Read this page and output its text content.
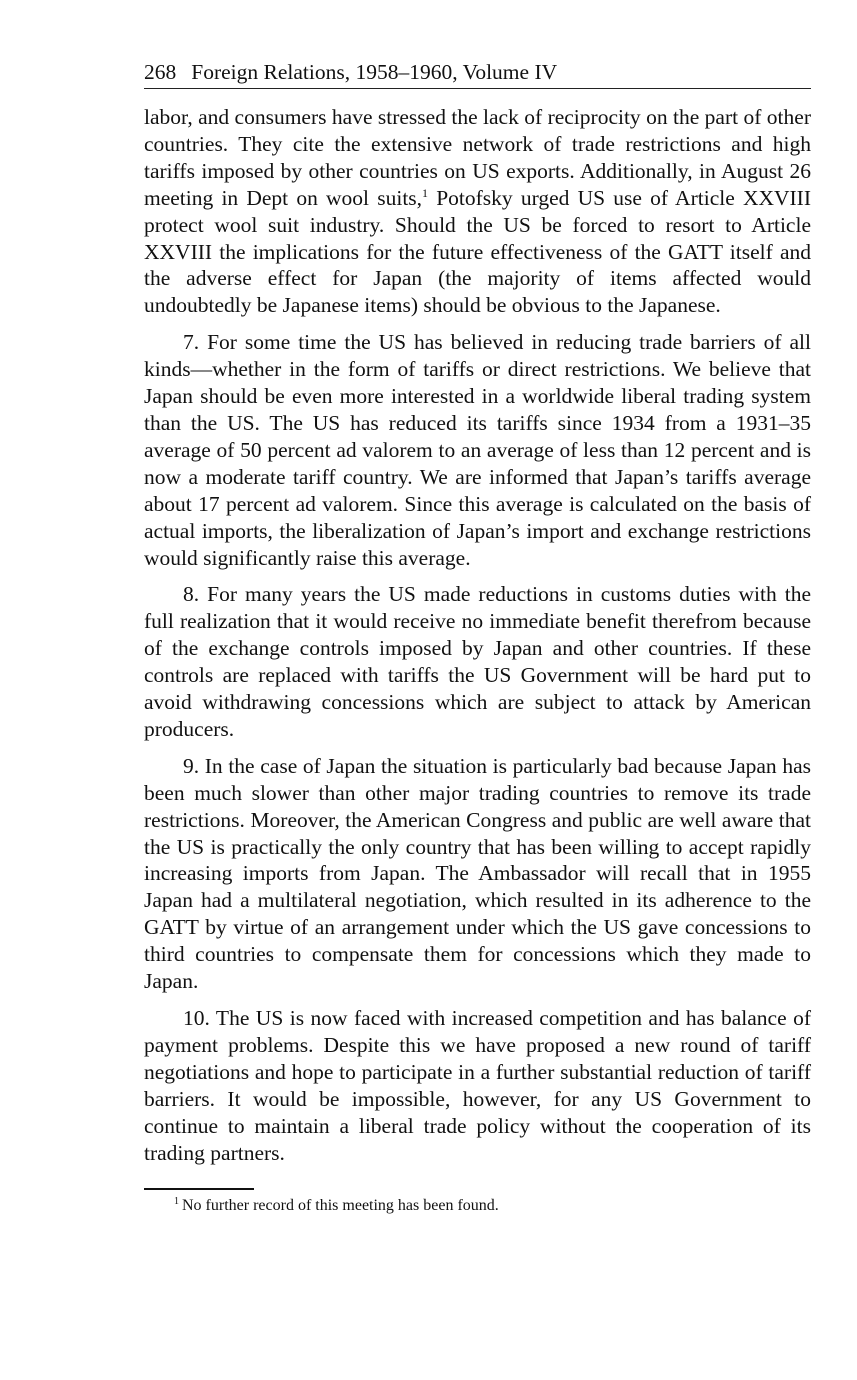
268 Foreign Relations, 1958–1960, Volume IV

labor, and consumers have stressed the lack of reciprocity on the part of other countries. They cite the extensive network of trade restrictions and high tariffs imposed by other countries on US exports. Additionally, in August 26 meeting in Dept on wool suits,$^1$ Potofsky urged US use of Article XXVIII protect wool suit industry. Should the US be forced to resort to Article XXVIII the implications for the future effectiveness of the GATT itself and the adverse effect for Japan (the majority of items affected would undoubtedly be Japanese items) should be obvious to the Japanese.

7. For some time the US has believed in reducing trade barriers of all kinds—whether in the form of tariffs or direct restrictions. We believe that Japan should be even more interested in a worldwide liberal trading system than the US. The US has reduced its tariffs since 1934 from a 1931–35 average of 50 percent ad valorem to an average of less than 12 percent and is now a moderate tariff country. We are informed that Japan’s tariffs average about 17 percent ad valorem. Since this average is calculated on the basis of actual imports, the liberalization of Japan’s import and exchange restrictions would significantly raise this average.

8. For many years the US made reductions in customs duties with the full realization that it would receive no immediate benefit therefrom because of the exchange controls imposed by Japan and other countries. If these controls are replaced with tariffs the US Government will be hard put to avoid withdrawing concessions which are subject to attack by American producers.

9. In the case of Japan the situation is particularly bad because Japan has been much slower than other major trading countries to remove its trade restrictions. Moreover, the American Congress and public are well aware that the US is practically the only country that has been willing to accept rapidly increasing imports from Japan. The Ambassador will recall that in 1955 Japan had a multilateral negotiation, which resulted in its adherence to the GATT by virtue of an arrangement under which the US gave concessions to third countries to compensate them for concessions which they made to Japan.

10. The US is now faced with increased competition and has balance of payment problems. Despite this we have proposed a new round of tariff negotiations and hope to participate in a further substantial reduction of tariff barriers. It would be impossible, however, for any US Government to continue to maintain a liberal trade policy without the cooperation of its trading partners.

$^1$ No further record of this meeting has been found.
